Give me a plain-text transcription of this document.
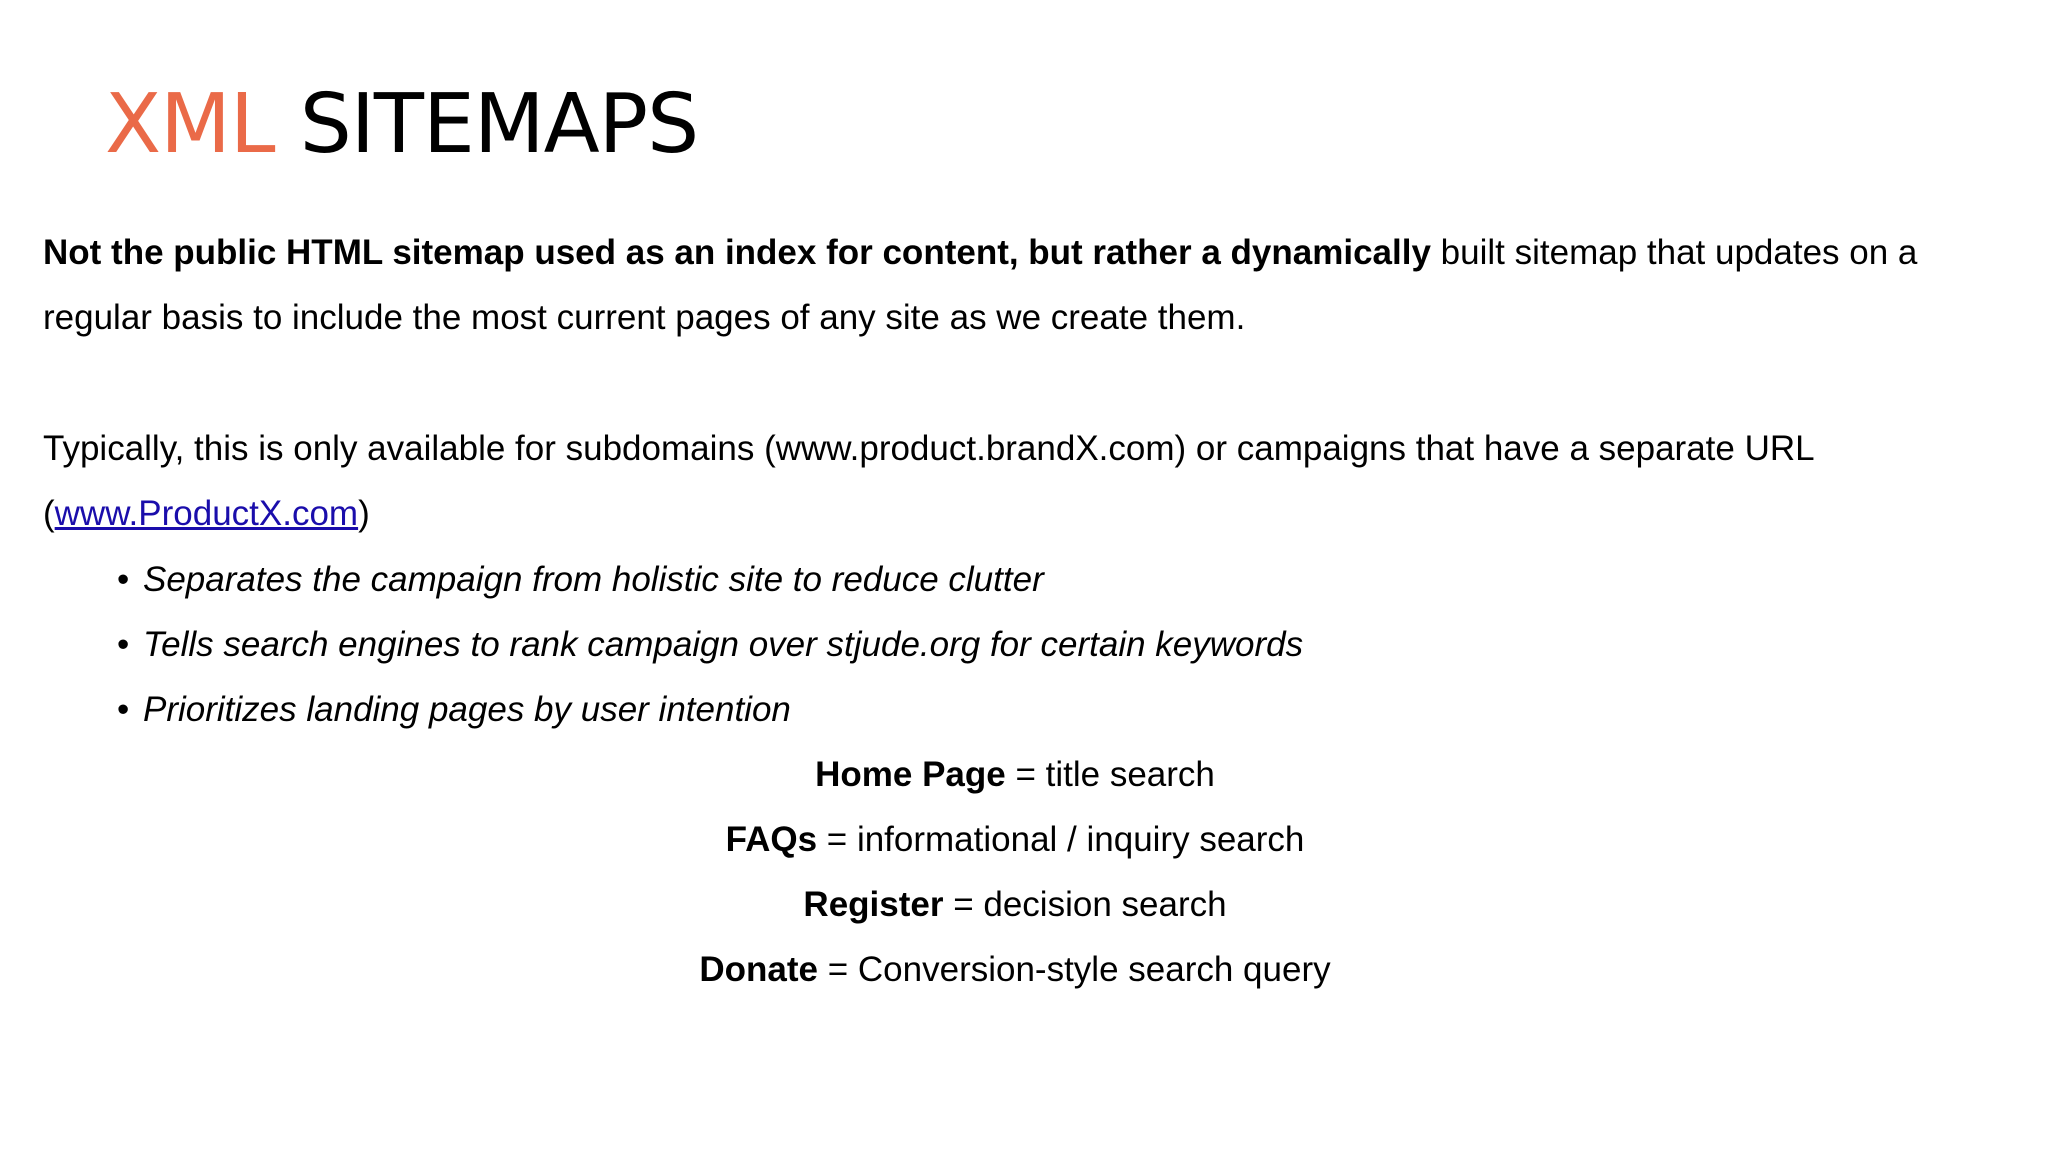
XML SITEMAPS
Not the public HTML sitemap used as an index for content, but rather a dynamically built sitemap that updates on a
regular basis to include the most current pages of any site as we create them.
Typically, this is only available for subdomains (www.product.brandX.com) or campaigns that have a separate URL
(www.ProductX.com)
• Separates the campaign from holistic site to reduce clutter
• Tells search engines to rank campaign over stjude.org for certain keywords
• Prioritizes landing pages by user intention
Home Page = title search
FAQs = informational / inquiry search
Register = decision search
Donate = Conversion-style search query
